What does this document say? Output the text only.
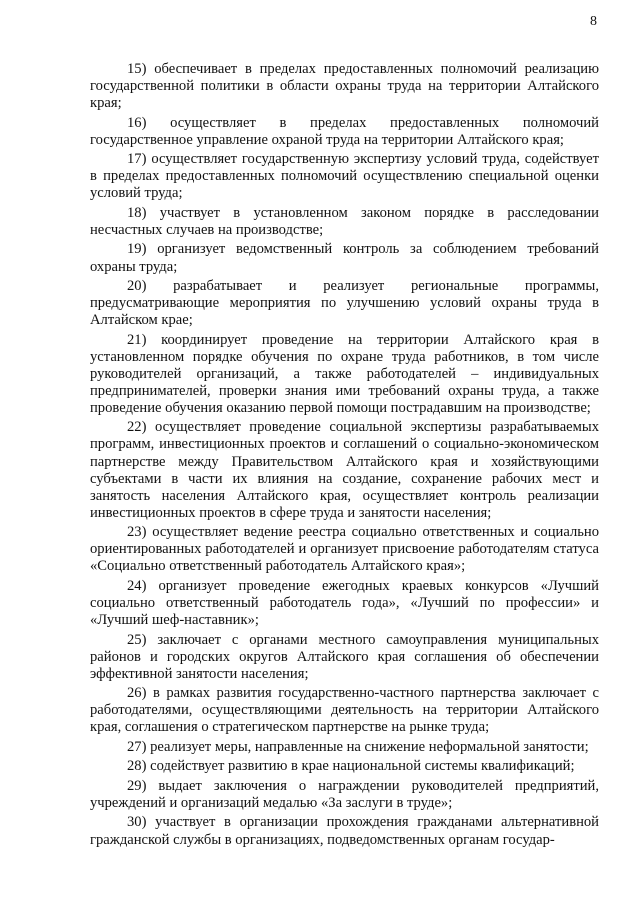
8

15) обеспечивает в пределах предоставленных полномочий реализацию государственной политики в области охраны труда на территории Алтайского края;

16) осуществляет в пределах предоставленных полномочий государственное управление охраной труда на территории Алтайского края;

17) осуществляет государственную экспертизу условий труда, содействует в пределах предоставленных полномочий осуществлению специальной оценки условий труда;

18) участвует в установленном законом порядке в расследовании несчастных случаев на производстве;

19) организует ведомственный контроль за соблюдением требований охраны труда;

20) разрабатывает и реализует региональные программы, предусматривающие мероприятия по улучшению условий охраны труда в Алтайском крае;

21) координирует проведение на территории Алтайского края в установленном порядке обучения по охране труда работников, в том числе руководителей организаций, а также работодателей – индивидуальных предпринимателей, проверки знания ими требований охраны труда, а также проведение обучения оказанию первой помощи пострадавшим на производстве;

22) осуществляет проведение социальной экспертизы разрабатываемых программ, инвестиционных проектов и соглашений о социально-экономическом партнерстве между Правительством Алтайского края и хозяйствующими субъектами в части их влияния на создание, сохранение рабочих мест и занятость населения Алтайского края, осуществляет контроль реализации инвестиционных проектов в сфере труда и занятости населения;

23) осуществляет ведение реестра социально ответственных и социально ориентированных работодателей и организует присвоение работодателям статуса «Социально ответственный работодатель Алтайского края»;

24) организует проведение ежегодных краевых конкурсов «Лучший социально ответственный работодатель года», «Лучший по профессии» и «Лучший шеф-наставник»;

25) заключает с органами местного самоуправления муниципальных районов и городских округов Алтайского края соглашения об обеспечении эффективной занятости населения;

26) в рамках развития государственно-частного партнерства заключает с работодателями, осуществляющими деятельность на территории Алтайского края, соглашения о стратегическом партнерстве на рынке труда;

27) реализует меры, направленные на снижение неформальной занятости;

28) содействует развитию в крае национальной системы квалификаций;

29) выдает заключения о награждении руководителей предприятий, учреждений и организаций медалью «За заслуги в труде»;

30) участвует в организации прохождения гражданами альтернативной гражданской службы в организациях, подведомственных органам государ-
